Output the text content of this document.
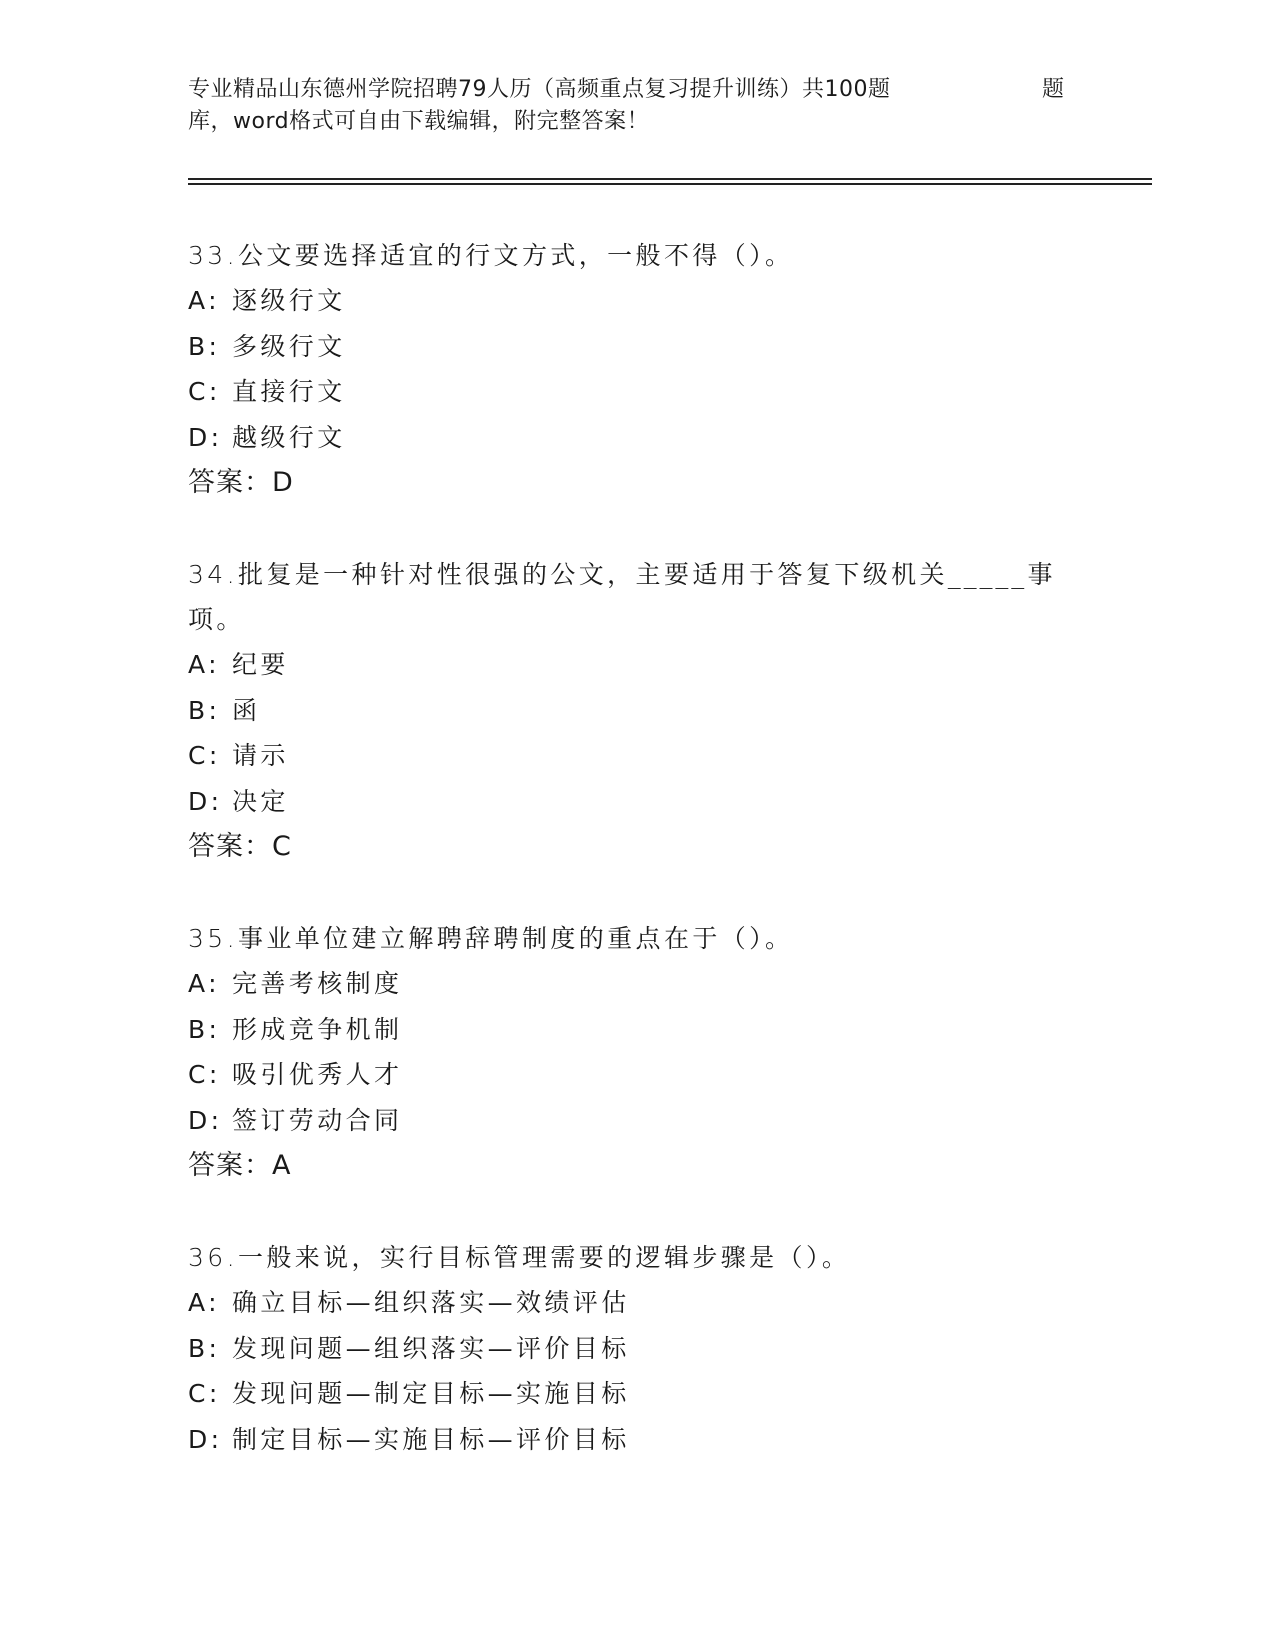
专业精品山东德州学院招聘79人历（高频重点复习提升训练）共100题
库，word格式可自由下载编辑，附完整答案！
题
33.公文要选择适宜的行文方式，一般不得（）。
A: 逐级行文
B: 多级行文
C: 直接行文
D: 越级行文
答案：D
34.批复是一种针对性很强的公文，主要适用于答复下级机关_____事
项。
A: 纪要
B: 函
C: 请示
D: 决定
答案：C
35.事业单位建立解聘辞聘制度的重点在于（）。
A: 完善考核制度
B: 形成竞争机制
C: 吸引优秀人才
D: 签订劳动合同
答案：A
36.一般来说，实行目标管理需要的逻辑步骤是（）。
A: 确立目标—组织落实—效绩评估
B: 发现问题—组织落实—评价目标
C: 发现问题—制定目标—实施目标
D: 制定目标—实施目标—评价目标
